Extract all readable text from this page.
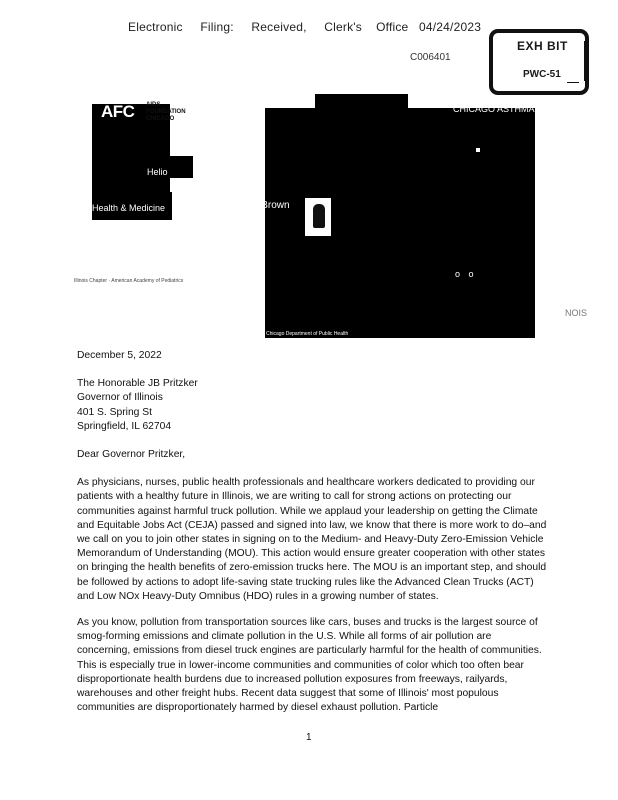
Electronic     Filing:     Received,     Clerk's    Office   04/24/2023
C006401
EXH BIT
PWC-51
AFC AIDS
FOUNDATION
CHICAGO
Helio
Health & Medicine
Illinois Chapter · American Academy of Pediatrics
CHICAGO ASTHMA
Howard Brown
Health
o o
Chicago Department of Public Health
NOIS

December 5, 2022

The Honorable JB Pritzker

Governor of Illinois

401 S. Spring St

Springfield, IL 62704

Dear Governor Pritzker,

As physicians, nurses, public health professionals and healthcare workers dedicated to providing our patients with a healthy future in Illinois, we are writing to call for strong actions on protecting our communities against harmful truck pollution. While we applaud your leadership on getting the Climate and Equitable Jobs Act (CEJA) passed and signed into law, we know that there is more work to do–and we call on you to join other states in signing on to the Medium- and Heavy-Duty Zero-Emission Vehicle Memorandum of Understanding (MOU). This action would ensure greater cooperation with other states on bringing the health benefits of zero-emission trucks here. The MOU is an important step, and should be followed by actions to adopt life-saving state trucking rules like the Advanced Clean Trucks (ACT) and Low NOx Heavy-Duty Omnibus (HDO) rules in a growing number of states.

As you know, pollution from transportation sources like cars, buses and trucks is the largest source of smog-forming emissions and climate pollution in the U.S. While all forms of air pollution are concerning, emissions from diesel truck engines are particularly harmful for the health of communities. This is especially true in lower-income communities and communities of color which too often bear disproportionate health burdens due to increased pollution exposures from freeways, railyards, warehouses and other freight hubs. Recent data suggest that some of Illinois' most populous communities are disproportionately harmed by diesel exhaust pollution. Particle

1
